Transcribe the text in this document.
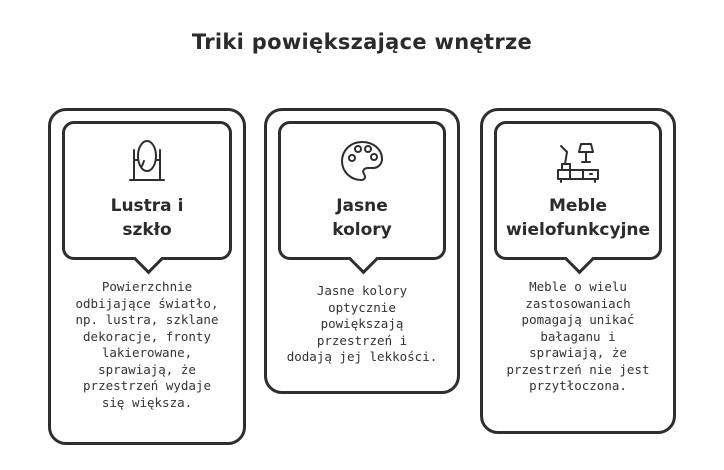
Triki powiększające wnętrze
Lustra i
szkło
Powierzchnie
odbijające światło,
np. lustra, szklane
dekoracje, fronty
lakierowane,
sprawiają, że
przestrzeń wydaje
się większa.
Jasne
kolory
Jasne kolory
optycznie
powiększają
przestrzeń i
dodają jej lekkości.
Meble
wielofunkcyjne
Meble o wielu
zastosowaniach
pomagają unikać
bałaganu i
sprawiają, że
przestrzeń nie jest
przytłoczona.
